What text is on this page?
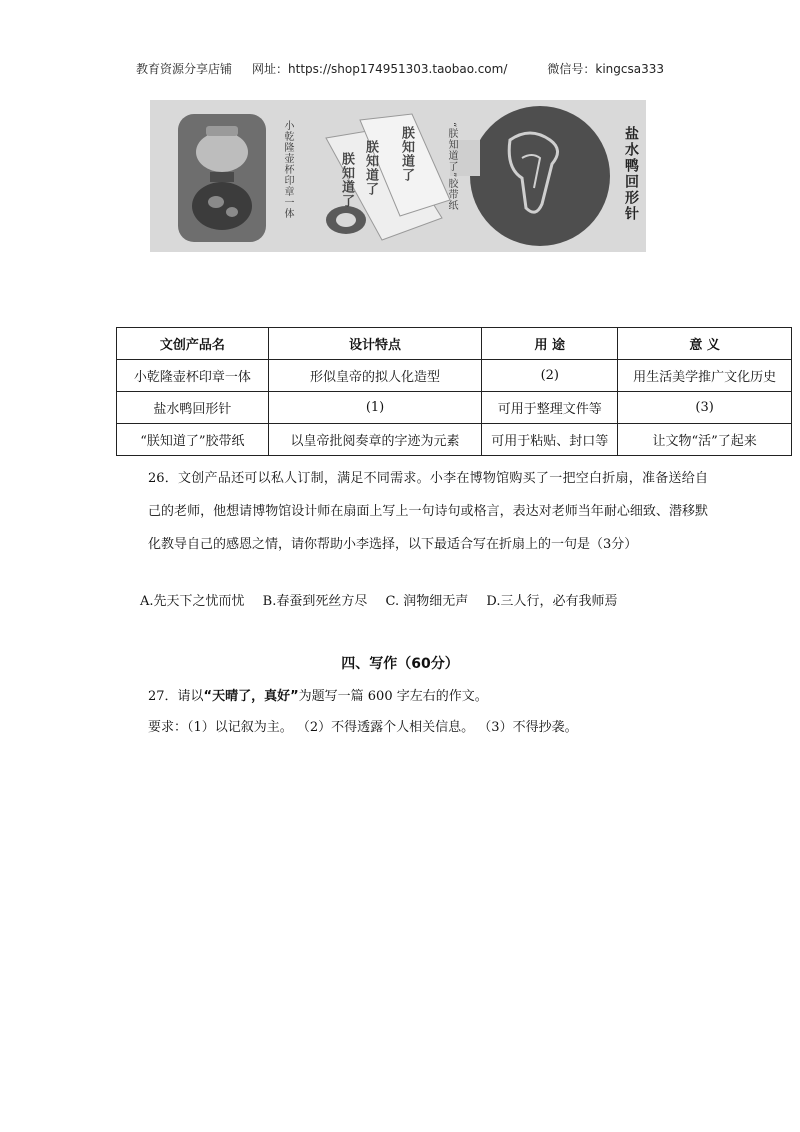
教育资源分享店铺 网址：https://shop174951303.taobao.com/	微信号：kingcsa333
小乾隆壶杯印章一体	朕知道了 朕知道了 朕知道了	“朕知道了”胶带纸	盐水鸭回形针
文创产品名	设计特点	用 途	意 义
小乾隆壶杯印章一体	形似皇帝的拟人化造型	(2)	用生活美学推广文化历史
盐水鸭回形针	(1)	可用于整理文件等	(3)
“朕知道了”胶带纸	以皇帝批阅奏章的字迹为元素	可用于粘贴、封口等	让文物“活”了起来
26．文创产品还可以私人订制，满足不同需求。小李在博物馆购买了一把空白折扇，准备送给自己的老师，他想请博物馆设计师在扇面上写上一句诗句或格言，表达对老师当年耐心细致、潜移默化教导自己的感恩之情，请你帮助小李选择，以下最适合写在折扇上的一句是（3分）
A.先天下之忧而忧 B.春蚕到死丝方尽 C. 润物细无声 D.三人行，必有我师焉
四、写作（60分）
27．请以“天晴了，真好”为题写一篇 600 字左右的作文。
要求：（1）以记叙为主。 （2）不得透露个人相关信息。 （3）不得抄袭。
